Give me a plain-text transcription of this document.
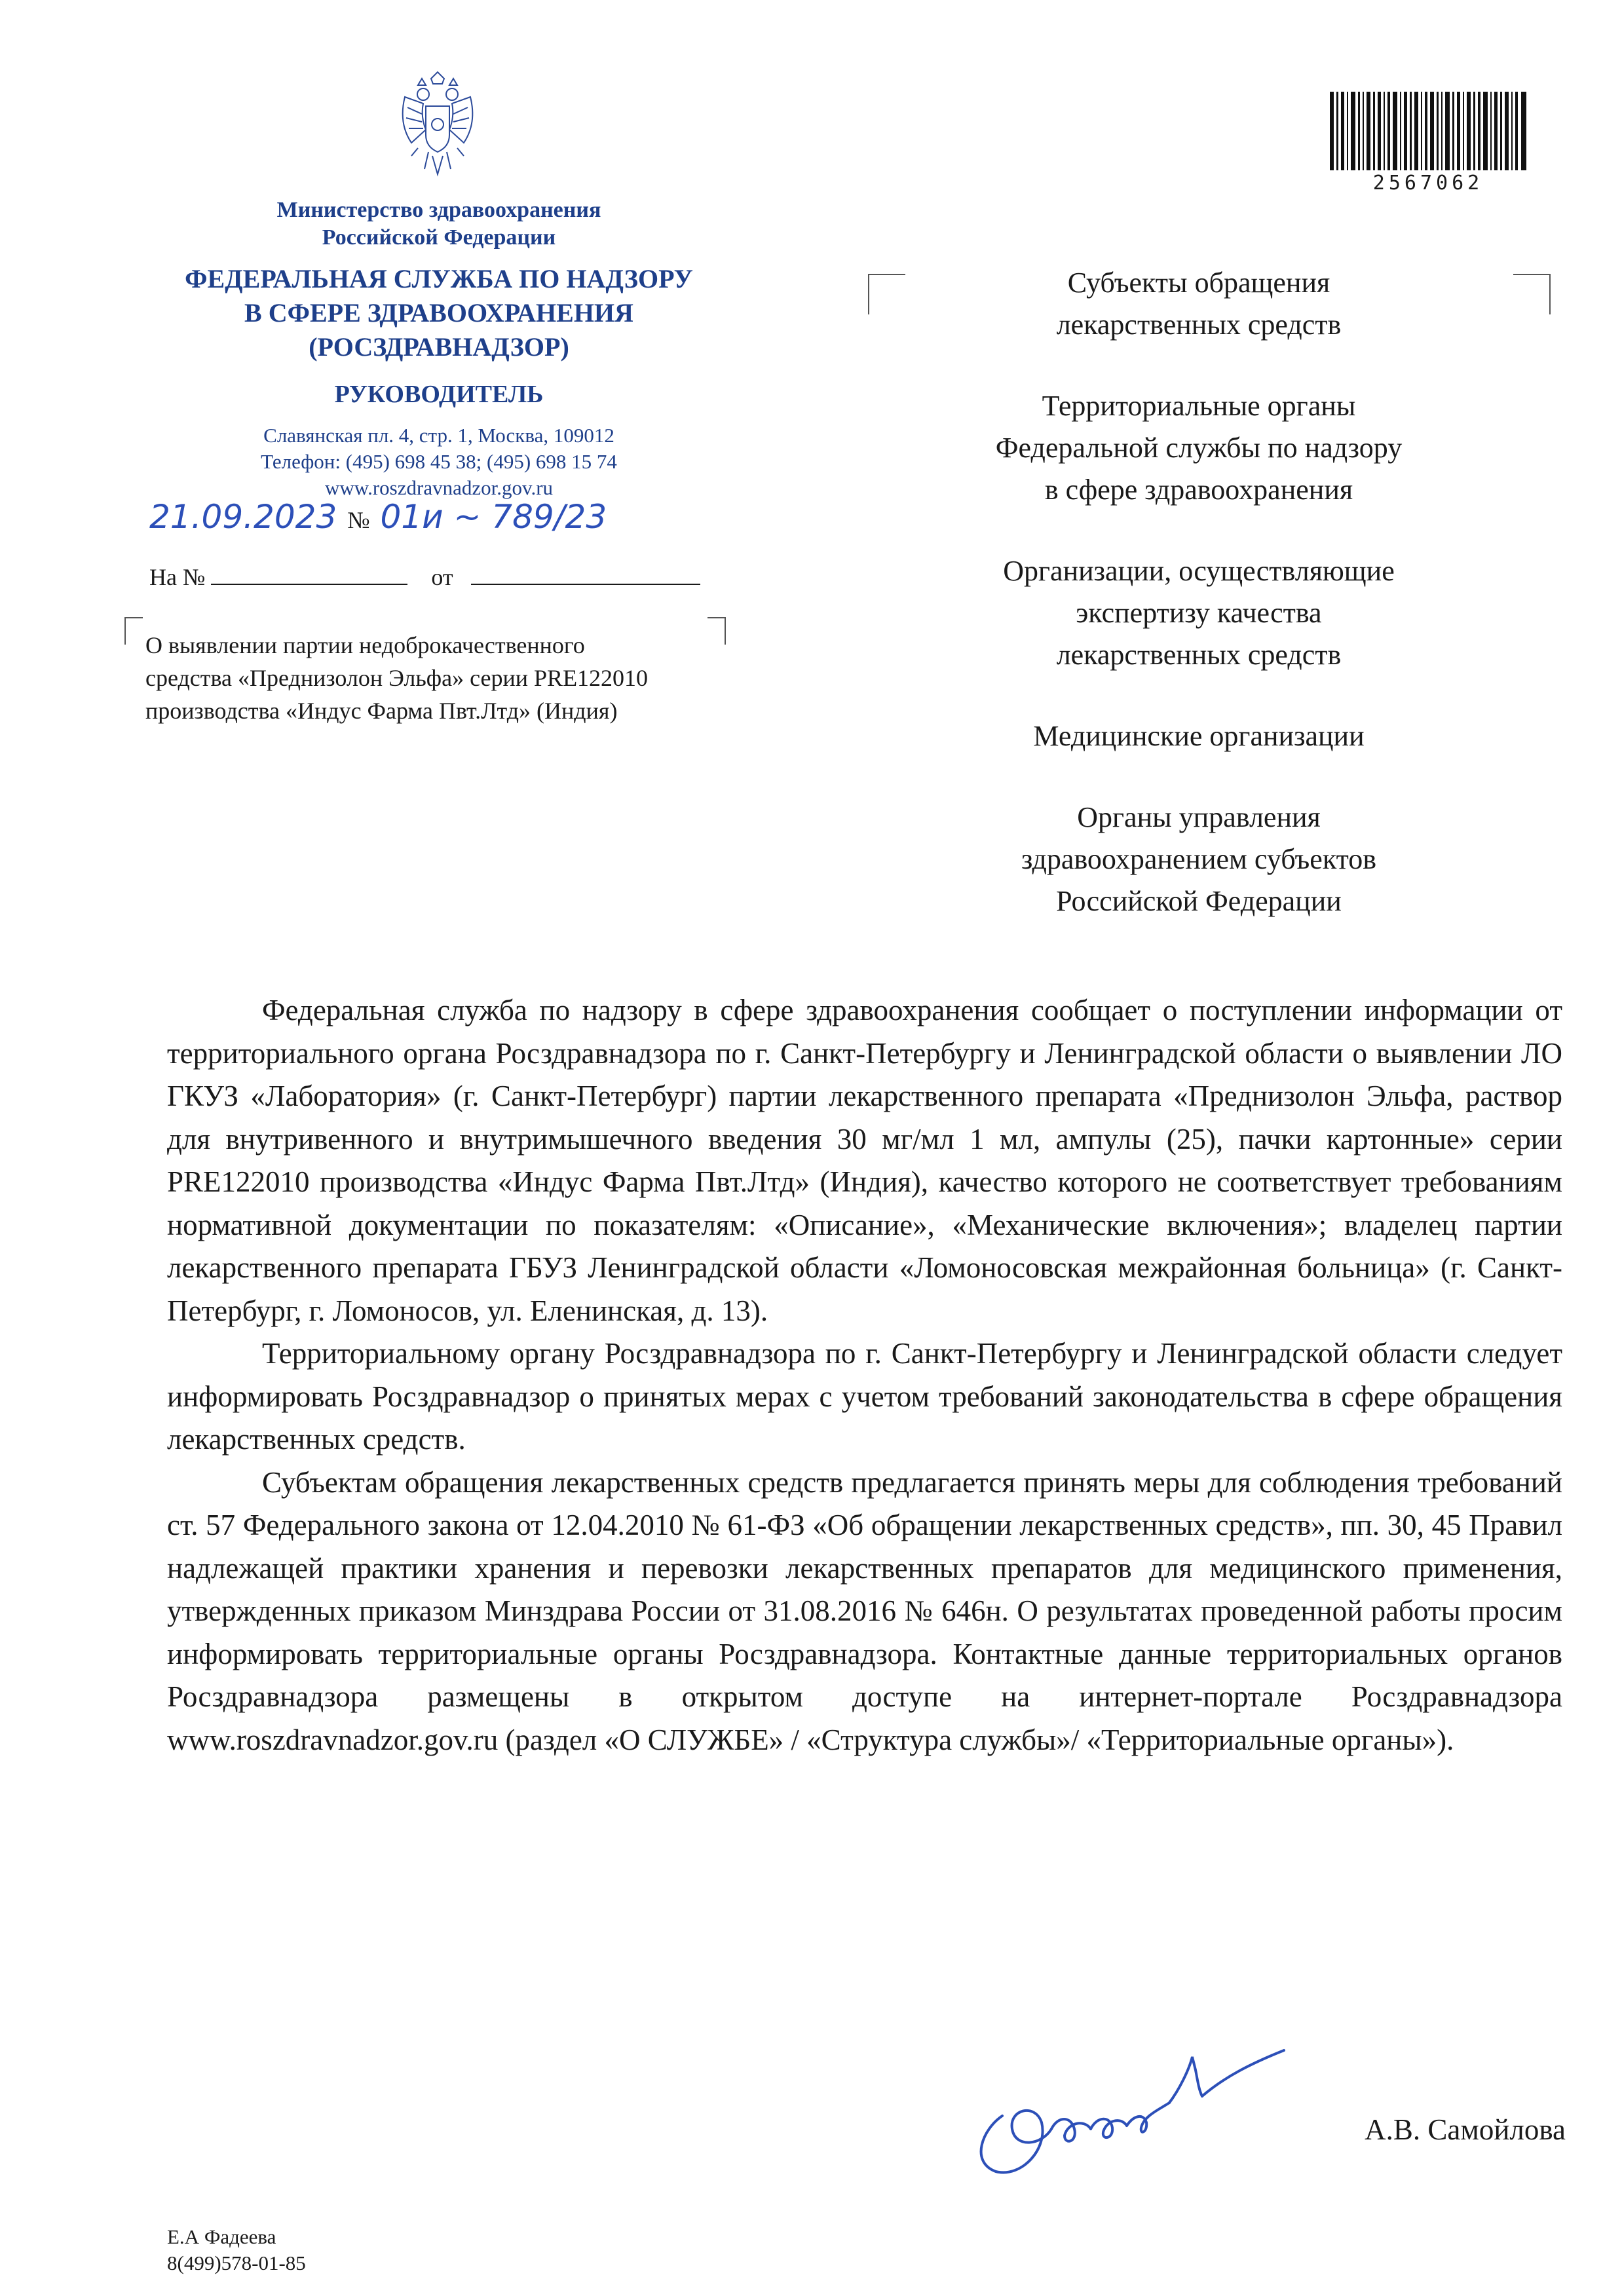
Министерство здравоохранения
Российской Федерации
ФЕДЕРАЛЬНАЯ СЛУЖБА ПО НАДЗОРУ
В СФЕРЕ ЗДРАВООХРАНЕНИЯ
(РОСЗДРАВНАДЗОР)
РУКОВОДИТЕЛЬ
Славянская пл. 4, стр. 1, Москва, 109012
Телефон: (495) 698 45 38; (495) 698 15 74
www.roszdravnadzor.gov.ru
21.09.2023 № 01и ~ 789/23
На №	от
О выявлении партии недоброкачественного
средства «Преднизолон Эльфа» серии PRE122010
производства «Индус Фарма Пвт.Лтд» (Индия)
2567062
Субъекты обращения
лекарственных средств
Территориальные органы
Федеральной службы по надзору
в сфере здравоохранения
Организации, осуществляющие
экспертизу качества
лекарственных средств
Медицинские организации
Органы управления
здравоохранением субъектов
Российской Федерации

Федеральная служба по надзору в сфере здравоохранения сообщает о поступлении информации от территориального органа Росздравнадзора по г. Санкт-Петербургу и Ленинградской области о выявлении ЛО ГКУЗ «Лаборатория» (г. Санкт-Петербург) партии лекарственного препарата «Преднизолон Эльфа, раствор для внутривенного и внутримышечного введения 30 мг/мл 1 мл, ампулы (25), пачки картонные» серии PRE122010 производства «Индус Фарма Пвт.Лтд» (Индия), качество которого не соответствует требованиям нормативной документации по показателям: «Описание», «Механические включения»; владелец партии лекарственного препарата ГБУЗ Ленинградской области «Ломоносовская межрайонная больница» (г. Санкт-Петербург, г. Ломоносов, ул. Еленинская, д. 13).

Территориальному органу Росздравнадзора по г. Санкт-Петербургу и Ленинградской области следует информировать Росздравнадзор о принятых мерах с учетом требований законодательства в сфере обращения лекарственных средств.

Субъектам обращения лекарственных средств предлагается принять меры для соблюдения требований ст. 57 Федерального закона от 12.04.2010 № 61-ФЗ «Об обращении лекарственных средств», пп. 30, 45 Правил надлежащей практики хранения и перевозки лекарственных препаратов для медицинского применения, утвержденных приказом Минздрава России от 31.08.2016 № 646н. О результатах проведенной работы просим информировать территориальные органы Росздравнадзора. Контактные данные территориальных органов Росздравнадзора размещены в открытом доступе на интернет-портале Росздравнадзора www.roszdravnadzor.gov.ru (раздел «О СЛУЖБЕ» / «Структура службы»/ «Территориальные органы»).

А.В. Самойлова
Е.А Фадеева
8(499)578-01-85
